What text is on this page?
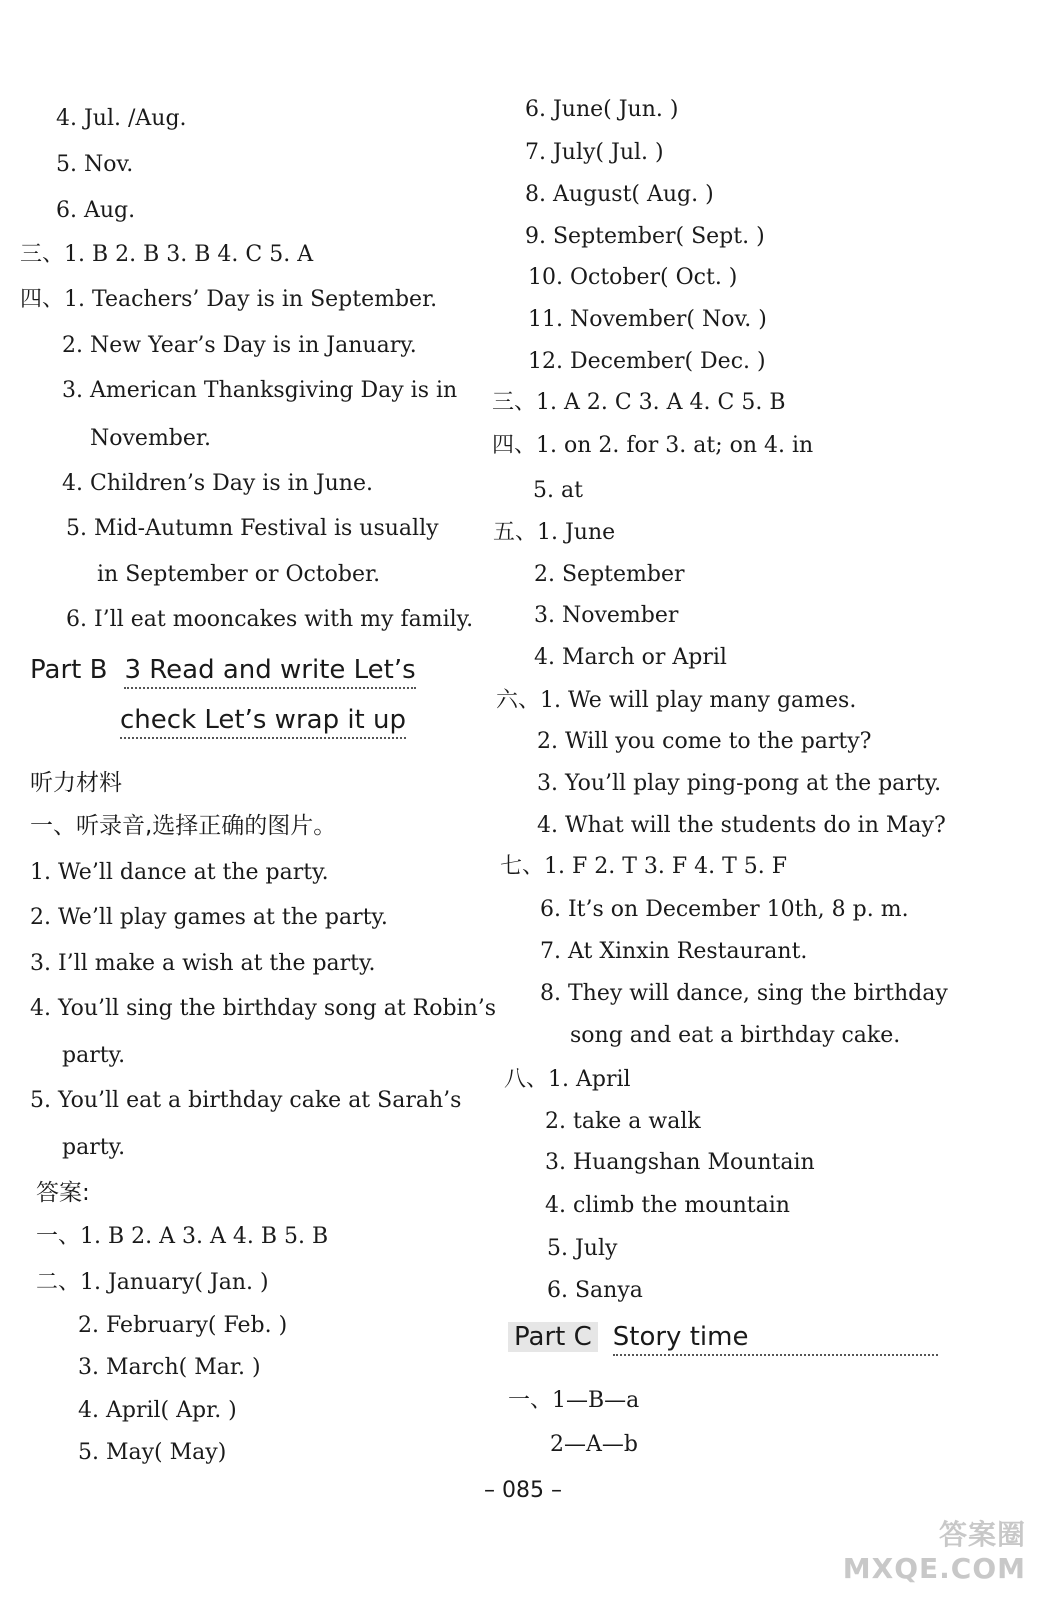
4. Jul. /Aug.
5. Nov.
6. Aug.
三、1. B 2. B 3. B 4. C 5. A
四、1. Teachers’ Day is in September.
2. New Year’s Day is in January.
3. American Thanksgiving Day is in
November.
4. Children’s Day is in June.
5. Mid-Autumn Festival is usually
in September or October.
6. I’ll eat mooncakes with my family.
Part B 3 Read and write Let’s
check Let’s wrap it up
听力材料
一、听录音,选择正确的图片。
1. We’ll dance at the party.
2. We’ll play games at the party.
3. I’ll make a wish at the party.
4. You’ll sing the birthday song at Robin’s
party.
5. You’ll eat a birthday cake at Sarah’s
party.
答案:
一、1. B 2. A 3. A 4. B 5. B
二、1. January( Jan. )
2. February( Feb. )
3. March( Mar. )
4. April( Apr. )
5. May( May)
6. June( Jun. )
7. July( Jul. )
8. August( Aug. )
9. September( Sept. )
10. October( Oct. )
11. November( Nov. )
12. December( Dec. )
三、1. A 2. C 3. A 4. C 5. B
四、1. on 2. for 3. at; on 4. in
5. at
五、1. June
2. September
3. November
4. March or April
六、1. We will play many games.
2. Will you come to the party?
3. You’ll play ping-pong at the party.
4. What will the students do in May?
七、1. F 2. T 3. F 4. T 5. F
6. It’s on December 10th, 8 p. m.
7. At Xinxin Restaurant.
8. They will dance, sing the birthday
song and eat a birthday cake.
八、1. April
2. take a walk
3. Huangshan Mountain
4. climb the mountain
5. July
6. Sanya
Part C Story time
一、1—B—a
2—A—b
– 085 –
答案圈
MXQE.COM
